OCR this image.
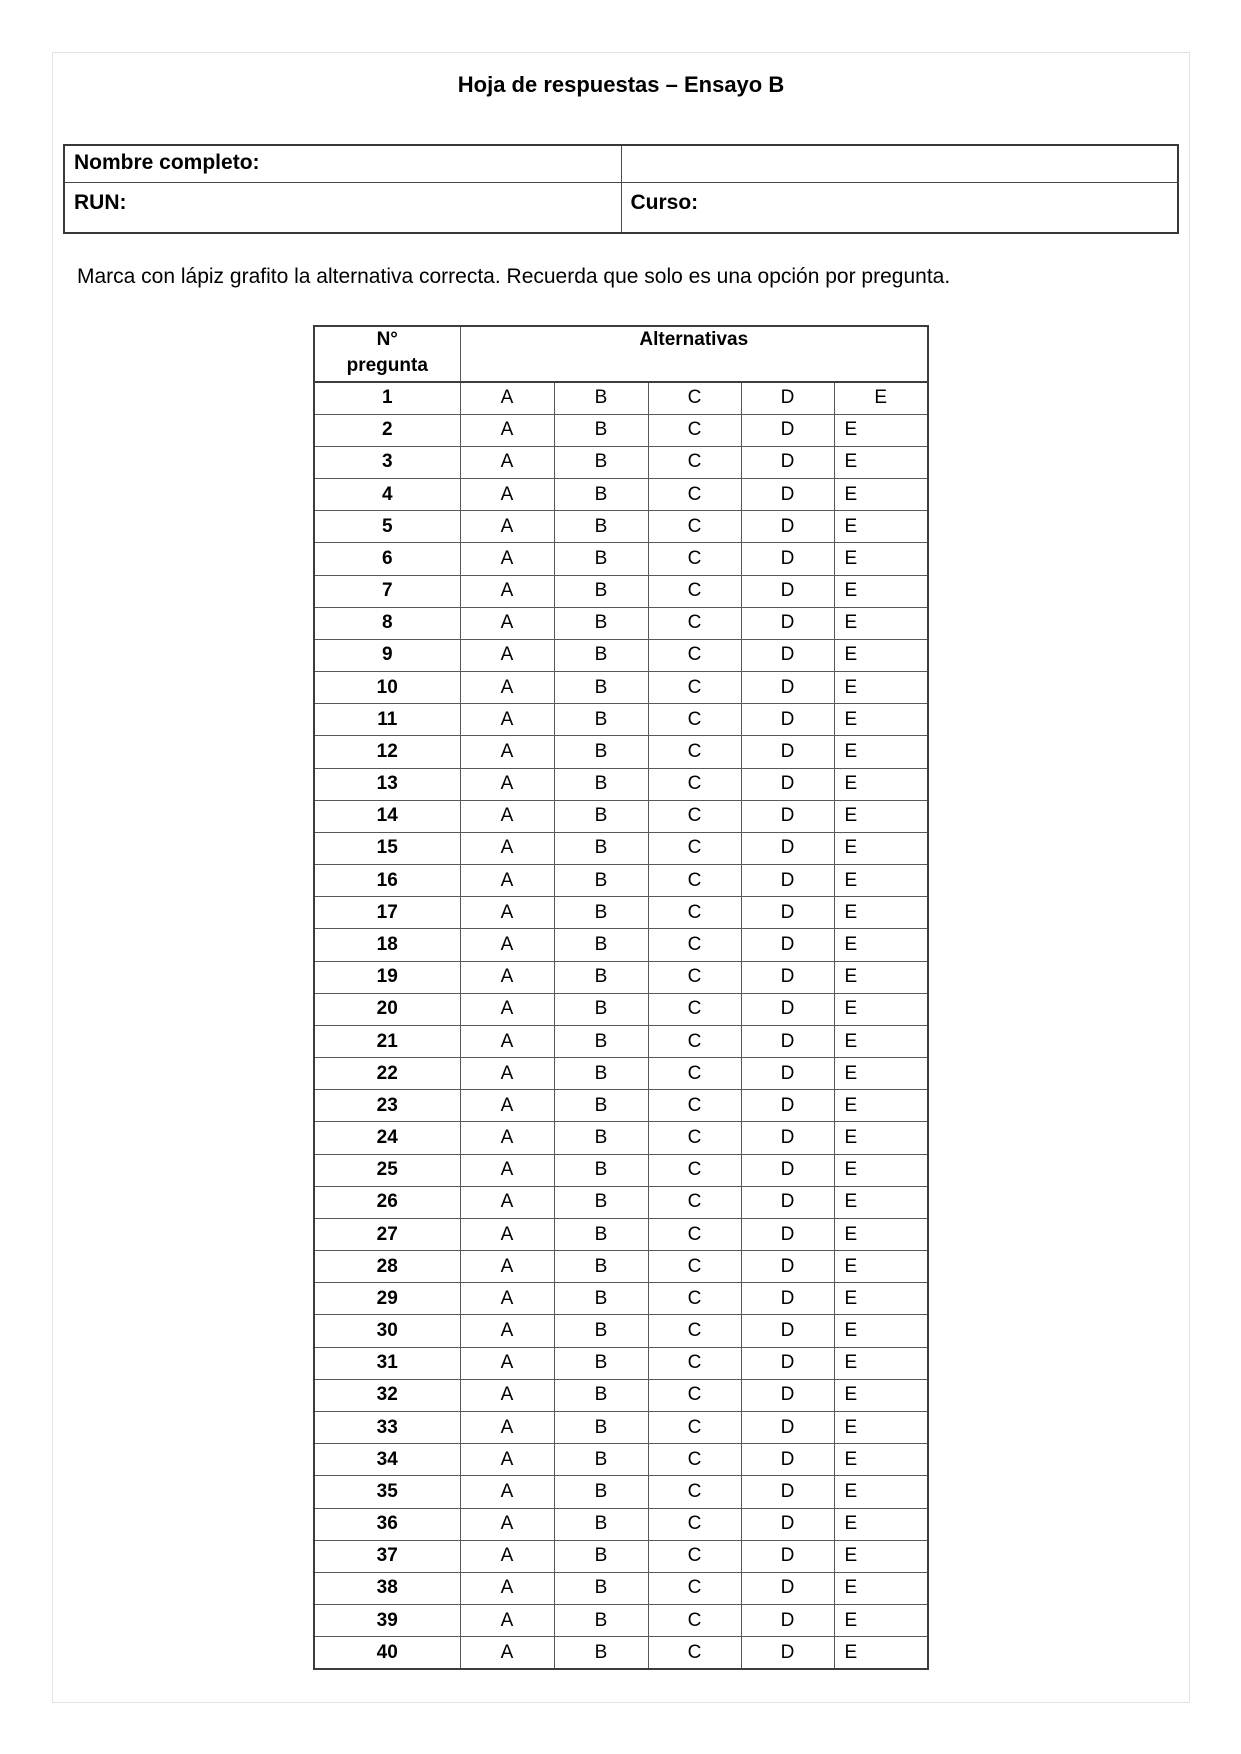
Hoja de respuestas – Ensayo B
Nombre completo:	
RUN:	Curso:
Marca con lápiz grafito la alternativa correcta. Recuerda que solo es una opción por pregunta.
N°
pregunta	Alternativas				
1	A	B	C	D	E
2	A	B	C	D	E
3	A	B	C	D	E
4	A	B	C	D	E
5	A	B	C	D	E
6	A	B	C	D	E
7	A	B	C	D	E
8	A	B	C	D	E
9	A	B	C	D	E
10	A	B	C	D	E
11	A	B	C	D	E
12	A	B	C	D	E
13	A	B	C	D	E
14	A	B	C	D	E
15	A	B	C	D	E
16	A	B	C	D	E
17	A	B	C	D	E
18	A	B	C	D	E
19	A	B	C	D	E
20	A	B	C	D	E
21	A	B	C	D	E
22	A	B	C	D	E
23	A	B	C	D	E
24	A	B	C	D	E
25	A	B	C	D	E
26	A	B	C	D	E
27	A	B	C	D	E
28	A	B	C	D	E
29	A	B	C	D	E
30	A	B	C	D	E
31	A	B	C	D	E
32	A	B	C	D	E
33	A	B	C	D	E
34	A	B	C	D	E
35	A	B	C	D	E
36	A	B	C	D	E
37	A	B	C	D	E
38	A	B	C	D	E
39	A	B	C	D	E
40	A	B	C	D	E
